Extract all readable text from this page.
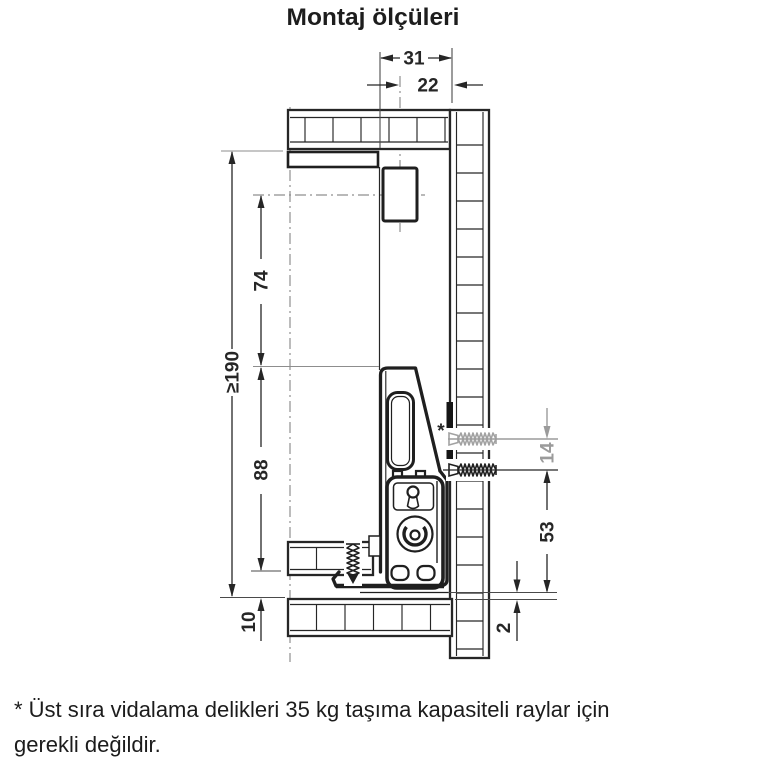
Montaj ölçüleri
31
22
≥190
74
88
10
14
53
2
*
* Üst sıra vidalama delikleri 35 kg taşıma kapasiteli raylar için
gerekli değildir.
